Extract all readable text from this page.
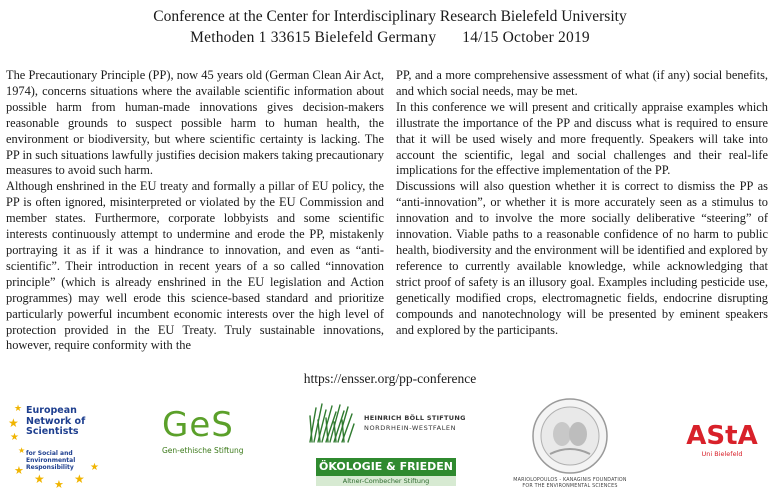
Conference at the Center for Interdisciplinary Research Bielefeld University
Methoden 1 33615 Bielefeld Germany 14/15 October 2019

The Precautionary Principle (PP), now 45 years old (German Clean Air Act, 1974), concerns situations where the available scientific information about possible harm from human-made innovations gives decision-makers reasonable grounds to suspect possible harm to human health, the environment or biodiversity, but where scientific certainty is lacking. The PP in such situations lawfully justifies decision makers taking precautionary measures to avoid such harm.

Although enshrined in the EU treaty and formally a pillar of EU policy, the PP is often ignored, misinterpreted or violated by the EU Commission and member states. Furthermore, corporate lobbyists and some scientific interests continuously attempt to undermine and erode the PP, mistakenly portraying it as if it was a hindrance to innovation, and even as “anti-scientific”. Their introduction in recent years of a so called “innovation principle” (which is already enshrined in the EU legislation and Action programmes) may well erode this science-based standard and prioritize particularly powerful incumbent economic interests over the high level of protection provided in the EU Treaty. Truly sustainable innovations, however, require conformity with the

PP, and a more comprehensive assessment of what (if any) social benefits, and which social needs, may be met.

In this conference we will present and critically appraise examples which illustrate the importance of the PP and discuss what is required to ensure that it will be used wisely and more frequently. Speakers will take into account the scientific, legal and social challenges and their real-life implications for the effective implementation of the PP.

Discussions will also question whether it is correct to dismiss the PP as “anti-innovation”, or whether it is more accurately seen as a stimulus to innovation and to involve the more socially deliberative “steering” of innovation. Viable paths to a reasonable confidence of no harm to public health, biodiversity and the environment will be identified and explored by reference to currently available knowledge, while acknowledging that strict proof of safety is an illusory goal. Examples including pesticide use, genetically modified crops, electromagnetic fields, endocrine disrupting compounds and nanotechnology will be presented by eminent speakers and explored by the participants.

https://ensser.org/pp-conference
★
★
★
★
★
★ ★ ★
★
European
Network of
Scientists
for Social and
Environmental
Responsibility
GeS
Gen-ethische Stiftung
HEINRICH BÖLL STIFTUNG
NORDRHEIN-WESTFALEN
ÖKOLOGIE & FRIEDEN
Altner-Combecher Stiftung	MARIOLOPOULOS - KANAGINIS FOUNDATION
FOR THE ENVIRONMENTAL SCIENCES
AStA
Uni Bielefeld
